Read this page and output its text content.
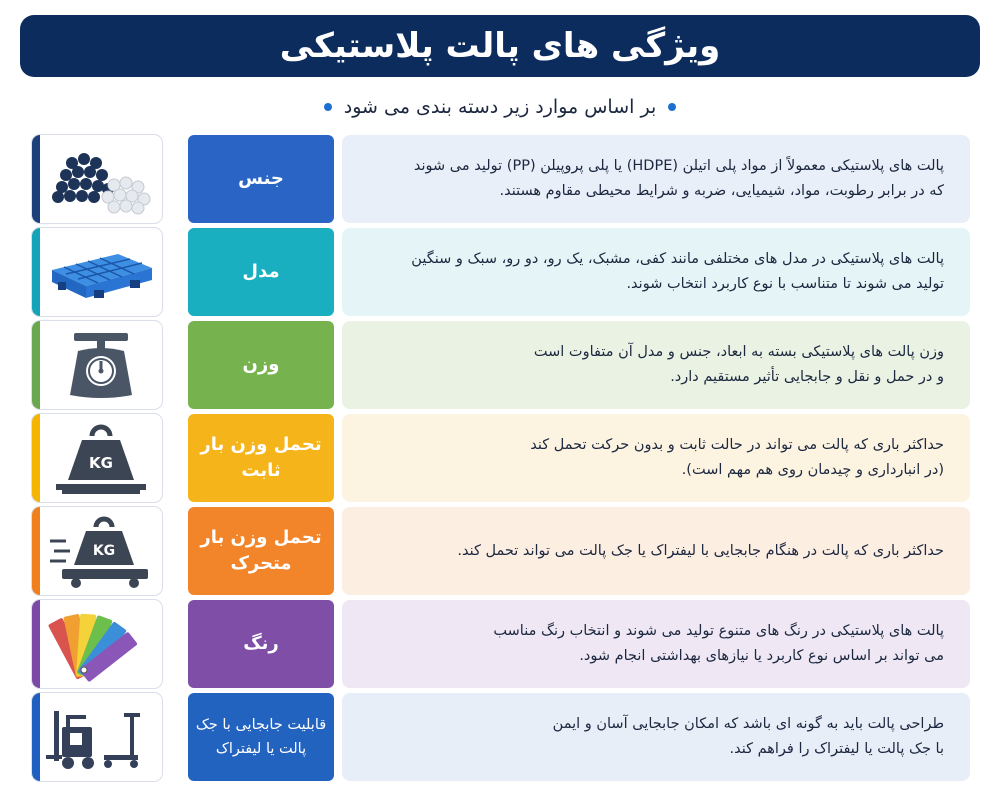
ویژگی های پالت پلاستیکی
بر اساس موارد زیر دسته بندی می شود
پالت های پلاستیکی معمولاً از مواد پلی اتیلن (HDPE) یا پلی پروپیلن (PP) تولید می شوند
که در برابر رطوبت، مواد، شیمیایی، ضربه و شرایط محیطی مقاوم هستند.
جنس
پالت های پلاستیکی در مدل های مختلفی مانند کفی، مشبک، یک رو، دو رو، سبک و سنگین
تولید می شوند تا متناسب با نوع کاربرد انتخاب شوند.
مدل
وزن پالت های پلاستیکی بسته به ابعاد، جنس و مدل آن متفاوت است
و در حمل و نقل و جابجایی تأثیر مستقیم دارد.
وزن
حداکثر باری که پالت می تواند در حالت ثابت و بدون حرکت تحمل کند
(در انبارداری و چیدمان روی هم مهم است).
تحمل وزن بار ثابت
KG
حداکثر باری که پالت در هنگام جابجایی با لیفتراک یا جک پالت می تواند تحمل کند.
تحمل وزن بار متحرک
KG
پالت های پلاستیکی در رنگ های متنوع تولید می شوند و انتخاب رنگ مناسب
می تواند بر اساس نوع کاربرد یا نیازهای بهداشتی انجام شود.
رنگ
طراحی پالت باید به گونه ای باشد که امکان جابجایی آسان و ایمن
با جک پالت یا لیفتراک را فراهم کند.
قابلیت جابجایی با جک پالت یا لیفتراک
